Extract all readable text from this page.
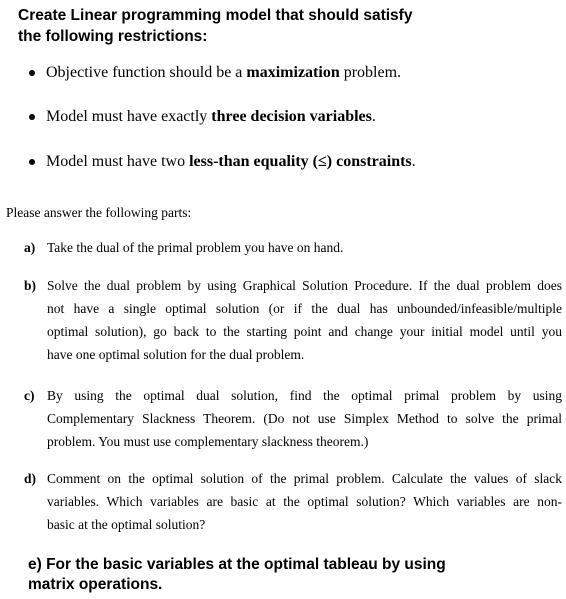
Create Linear programming model that should satisfy
the following restrictions:
Objective function should be a maximization problem.
Model must have exactly three decision variables.
Model must have two less-than equality (≤) constraints.
Please answer the following parts:
a) Take the dual of the primal problem you have on hand.
b) Solve the dual problem by using Graphical Solution Procedure. If the dual problem does
not have a single optimal solution (or if the dual has unbounded/infeasible/multiple
optimal solution), go back to the starting point and change your initial model until you
have one optimal solution for the dual problem.
c) By using the optimal dual solution, find the optimal primal problem by using
Complementary Slackness Theorem. (Do not use Simplex Method to solve the primal
problem. You must use complementary slackness theorem.)
d) Comment on the optimal solution of the primal problem. Calculate the values of slack
variables. Which variables are basic at the optimal solution? Which variables are non-
basic at the optimal solution?
e) For the basic variables at the optimal tableau by using
matrix operations.
